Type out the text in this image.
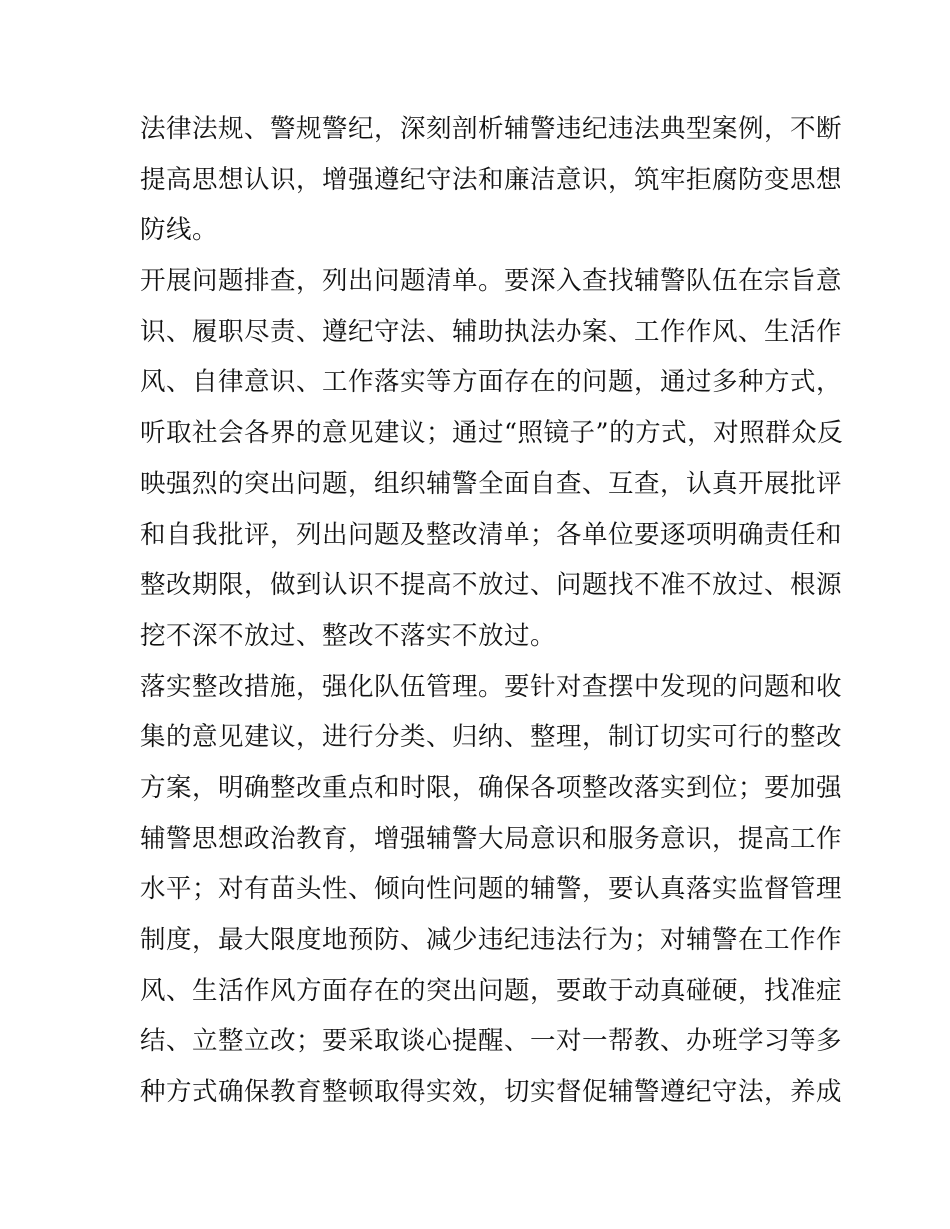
法律法规、警规警纪，深刻剖析辅警违纪违法典型案例，不断
提高思想认识，增强遵纪守法和廉洁意识，筑牢拒腐防变思想
防线。
开展问题排查，列出问题清单。要深入查找辅警队伍在宗旨意
识、履职尽责、遵纪守法、辅助执法办案、工作作风、生活作
风、自律意识、工作落实等方面存在的问题，通过多种方式，
听取社会各界的意见建议；通过“照镜子”的方式，对照群众反
映强烈的突出问题，组织辅警全面自查、互查，认真开展批评
和自我批评，列出问题及整改清单；各单位要逐项明确责任和
整改期限，做到认识不提高不放过、问题找不准不放过、根源
挖不深不放过、整改不落实不放过。
落实整改措施，强化队伍管理。要针对查摆中发现的问题和收
集的意见建议，进行分类、归纳、整理，制订切实可行的整改
方案，明确整改重点和时限，确保各项整改落实到位；要加强
辅警思想政治教育，增强辅警大局意识和服务意识，提高工作
水平；对有苗头性、倾向性问题的辅警，要认真落实监督管理
制度，最大限度地预防、减少违纪违法行为；对辅警在工作作
风、生活作风方面存在的突出问题，要敢于动真碰硬，找准症
结、立整立改；要采取谈心提醒、一对一帮教、办班学习等多
种方式确保教育整顿取得实效，切实督促辅警遵纪守法，养成
